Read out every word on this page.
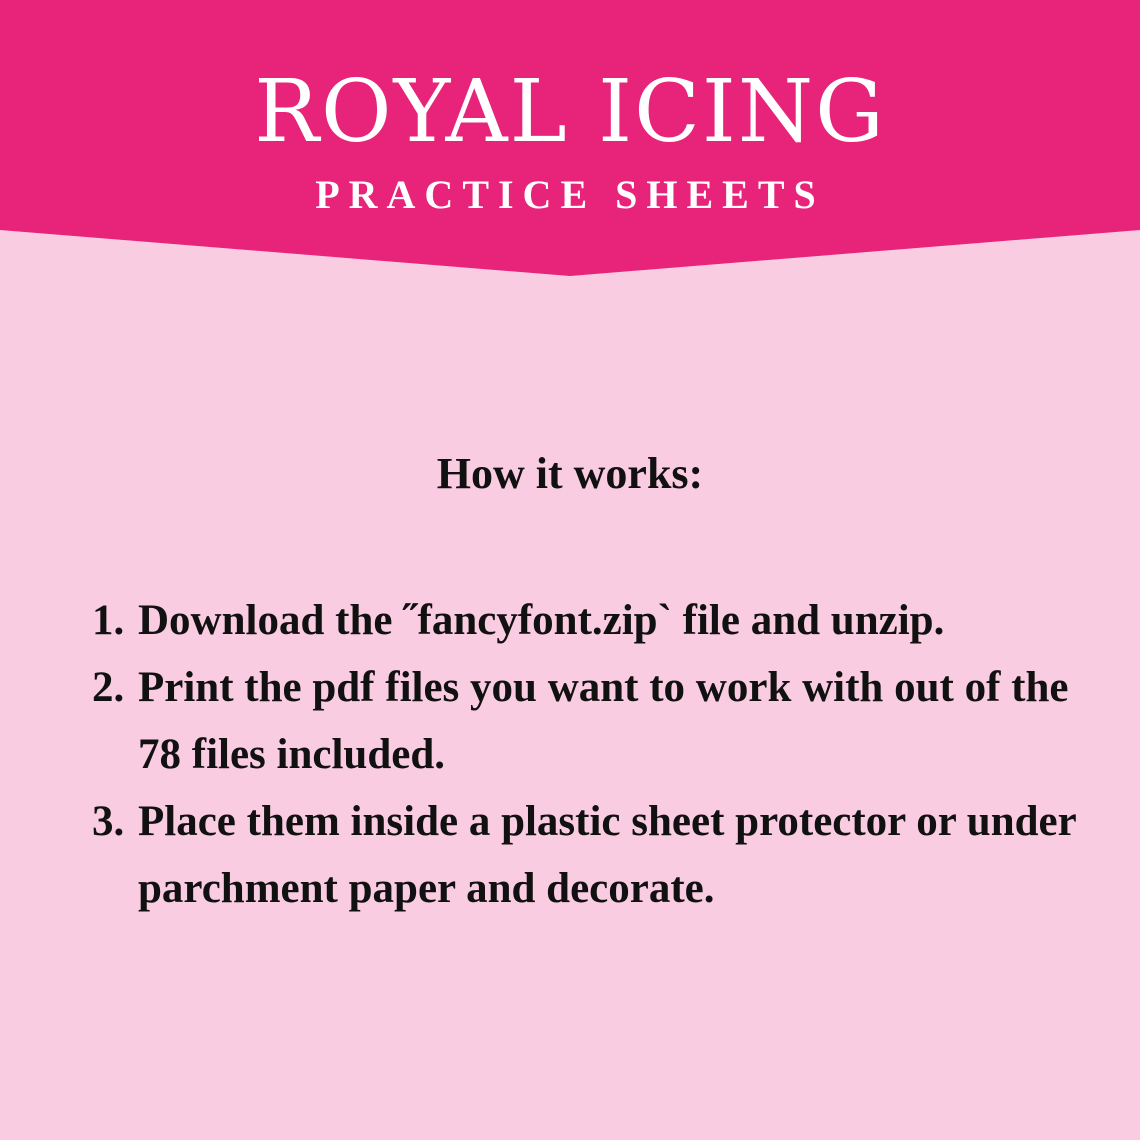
ROYAL ICING
PRACTICE SHEETS
How it works:
1. Download the ˝fancyfont.zip` file and unzip.
2. Print the pdf files you want to work with out of the 78 files included.
3. Place them inside a plastic sheet protector or under parchment paper and decorate.
